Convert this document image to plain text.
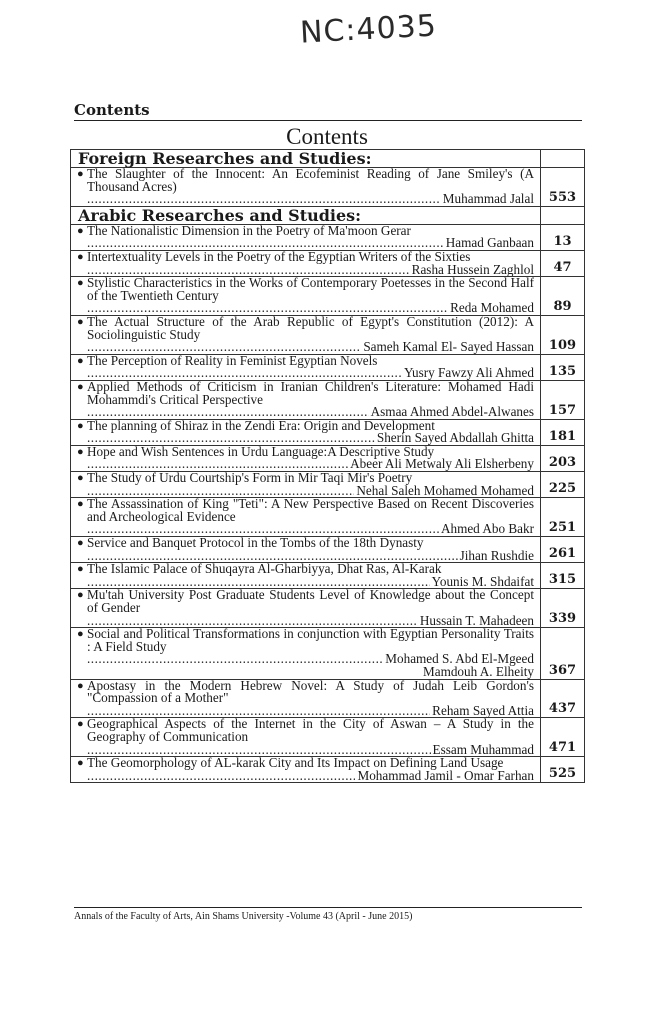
NC:4035
Contents
Contents
Foreign Researches and Studies:	

● The Slaughter of the Innocent: An Ecofeminist Reading of Jane Smiley's (A Thousand Acres)
.....
Muhammad Jalal	553
Arabic Researches and Studies:	

● The Nationalistic Dimension in the Poetry of Ma'moon Gerar
.....
Hamad Ganbaan	13

● Intertextuality Levels in the Poetry of the Egyptian Writers of the Sixties
.....
Rasha Hussein Zaghlol	47

● Stylistic Characteristics in the Works of Contemporary Poetesses in the Second Half of the Twentieth Century
.....
Reda Mohamed	89

● The Actual Structure of the Arab Republic of Egypt's Constitution (2012): A Sociolinguistic Study
.....
Sameh Kamal El- Sayed Hassan	109

● The Perception of Reality in Feminist Egyptian Novels
.....
Yusry Fawzy Ali Ahmed	135

● Applied Methods of Criticism in Iranian Children's Literature: Mohamed Hadi Mohammdi's Critical Perspective
.....
Asmaa Ahmed Abdel-Alwanes	157

● The planning of Shiraz in the Zendi Era: Origin and Development
.....
Sherin Sayed Abdallah Ghitta	181

● Hope and Wish Sentences in Urdu Language:A Descriptive Study
.....
Abeer Ali Metwaly Ali Elsherbeny	203

● The Study of Urdu Courtship's Form in Mir Taqi Mir's Poetry
.....
Nehal Saleh Mohamed Mohamed	225

● The Assassination of King "Teti": A New Perspective Based on Recent Discoveries and Archeological Evidence
.....
Ahmed Abo Bakr	251

● Service and Banquet Protocol in the Tombs of the 18th Dynasty
.....
Jihan Rushdie	261

● The Islamic Palace of Shuqayra Al-Gharbiyya, Dhat Ras, Al-Karak
.....
Younis M. Shdaifat	315

● Mu'tah University Post Graduate Students Level of Knowledge about the Concept of Gender
.....
Hussain T. Mahadeen	339

● Social and Political Transformations in conjunction with Egyptian Personality Traits : A Field Study
.....
Mohamed S. Abd El-Mgeed
Mamdouh A. Elheity	367

● Apostasy in the Modern Hebrew Novel: A Study of Judah Leib Gordon's "Compassion of a Mother"
.....
Reham Sayed Attia	437

● Geographical Aspects of the Internet in the City of Aswan – A Study in the Geography of Communication
.....
Essam Muhammad	471

● The Geomorphology of AL-karak City and Its Impact on Defining Land Usage
.....
Mohammad Jamil - Omar Farhan	525
Annals of the Faculty of Arts, Ain Shams University -Volume 43 (April - June 2015)
